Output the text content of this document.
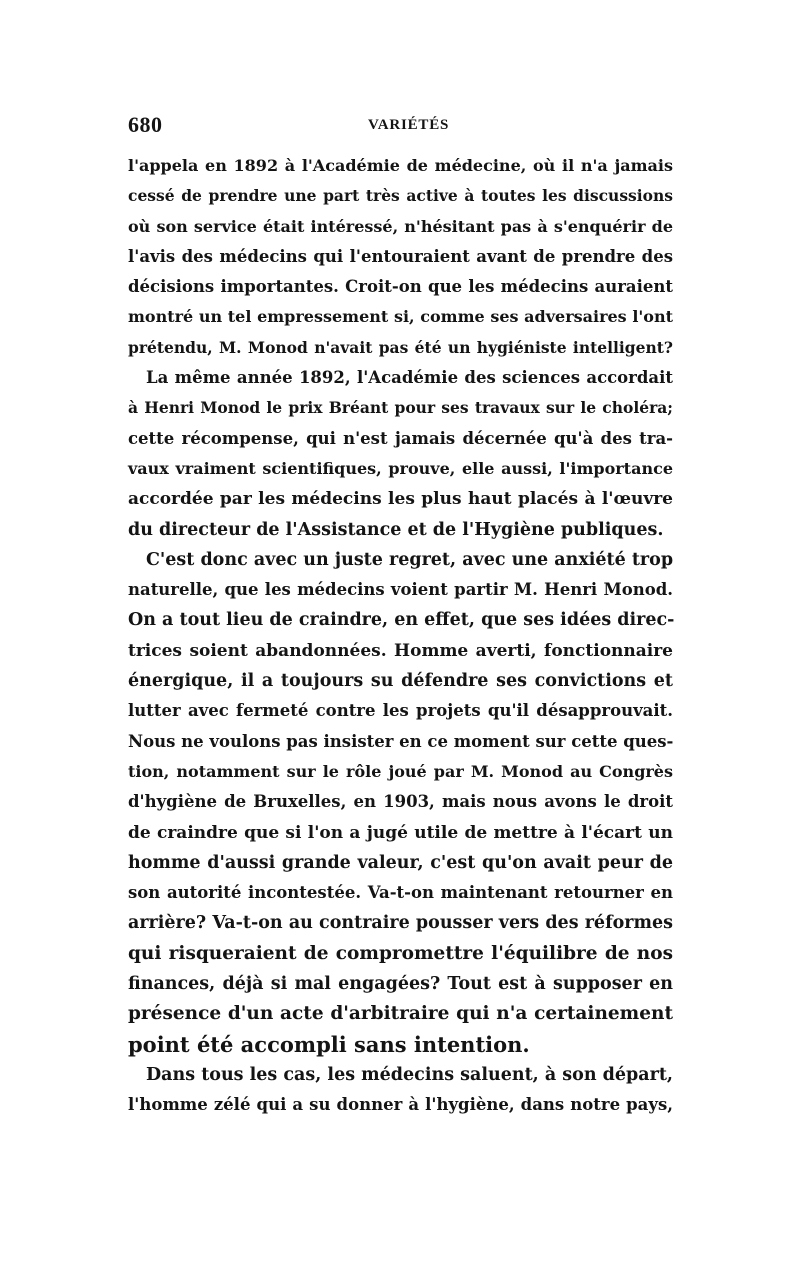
680	VARIÉTÉS
l'appela en 1892 à l'Académie de médecine, où il n'a jamais
cessé de prendre une part très active à toutes les discussions
où son service était intéressé, n'hésitant pas à s'enquérir de
l'avis des médecins qui l'entouraient avant de prendre des
décisions importantes. Croit-on que les médecins auraient
montré un tel empressement si, comme ses adversaires l'ont
prétendu, M. Monod n'avait pas été un hygiéniste intelligent?
La même année 1892, l'Académie des sciences accordait
à Henri Monod le prix Bréant pour ses travaux sur le choléra;
cette récompense, qui n'est jamais décernée qu'à des tra-
vaux vraiment scientifiques, prouve, elle aussi, l'importance
accordée par les médecins les plus haut placés à l'œuvre
du directeur de l'Assistance et de l'Hygiène publiques.
C'est donc avec un juste regret, avec une anxiété trop
naturelle, que les médecins voient partir M. Henri Monod.
On a tout lieu de craindre, en effet, que ses idées direc-
trices soient abandonnées. Homme averti, fonctionnaire
énergique, il a toujours su défendre ses convictions et
lutter avec fermeté contre les projets qu'il désapprouvait.
Nous ne voulons pas insister en ce moment sur cette ques-
tion, notamment sur le rôle joué par M. Monod au Congrès
d'hygiène de Bruxelles, en 1903, mais nous avons le droit
de craindre que si l'on a jugé utile de mettre à l'écart un
homme d'aussi grande valeur, c'est qu'on avait peur de
son autorité incontestée. Va-t-on maintenant retourner en
arrière? Va-t-on au contraire pousser vers des réformes
qui risqueraient de compromettre l'équilibre de nos
finances, déjà si mal engagées? Tout est à supposer en
présence d'un acte d'arbitraire qui n'a certainement
point été accompli sans intention.
Dans tous les cas, les médecins saluent, à son départ,
l'homme zélé qui a su donner à l'hygiène, dans notre pays,
